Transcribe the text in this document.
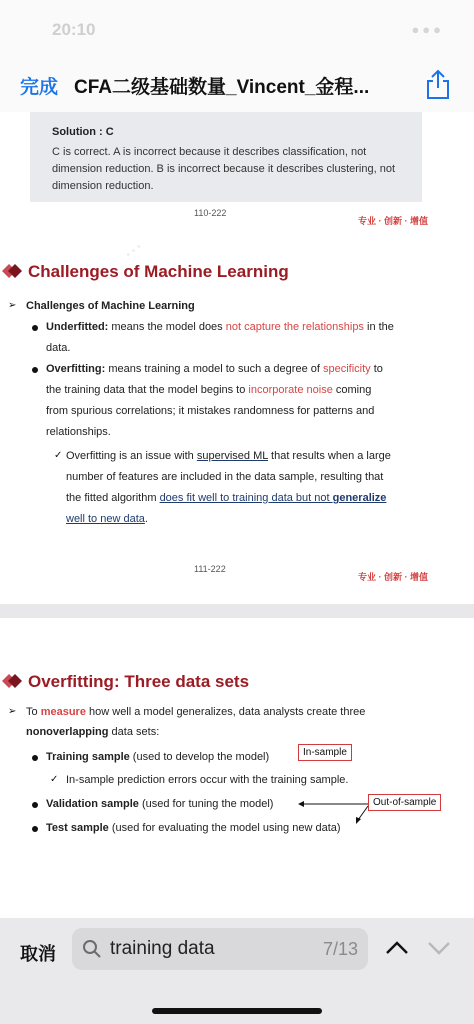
20:10	●●●
完成 CFA二级基础数量_Vincent_金程...
...
Solution : C
C is correct. A is incorrect because it describes classification, not
dimension reduction. B is incorrect because it describes clustering, not
dimension reduction.
110-222
专业 · 创新 · 增值
Challenges of Machine Learning
➢ Challenges of Machine Learning
Underfitted: means the model does not capture the relationships in the
data.
Overfitting: means training a model to such a degree of specificity to
the training data that the model begins to incorporate noise coming
from spurious correlations; it mistakes randomness for patterns and
relationships.
✓ Overfitting is an issue with supervised ML that results when a large
number of features are included in the data sample, resulting that
the fitted algorithm does fit well to training data but not generalize
well to new data.
111-222
专业 · 创新 · 增值
Overfitting: Three data sets
➢ To measure how well a model generalizes, data analysts create three
nonoverlapping data sets:
Training sample (used to develop the model)	In-sample
✓ In-sample prediction errors occur with the training sample.
Validation sample (used for tuning the model)	Out-of-sample
Test sample (used for evaluating the model using new data)
取消
training data	7/13
